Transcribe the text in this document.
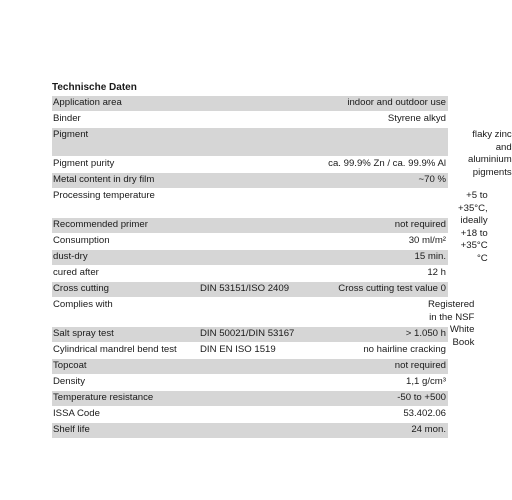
Technische Daten
Application area	indoor and outdoor use
Binder	Styrene alkyd
Pigment	flaky zinc and aluminium pigments
Pigment purity	ca. 99.9% Zn / ca. 99.9% Al
Metal content in dry film	~70 %
Processing temperature	+5 to +35°C, ideally +18 to +35°C °C
Recommended primer	not required
Consumption	30 ml/m²
dust-dry	15 min.
cured after	12 h
Cross cutting	DIN 53151/ISO 2409	Cross cutting test value 0
Complies with	Registered in the NSF White Book
Salt spray test	DIN 50021/DIN 53167	> 1.050 h
Cylindrical mandrel bend test	DIN EN ISO 1519	no hairline cracking
Topcoat	not required
Density	1,1 g/cm³
Temperature resistance	-50 to +500
ISSA Code	53.402.06
Shelf life	24 mon.
